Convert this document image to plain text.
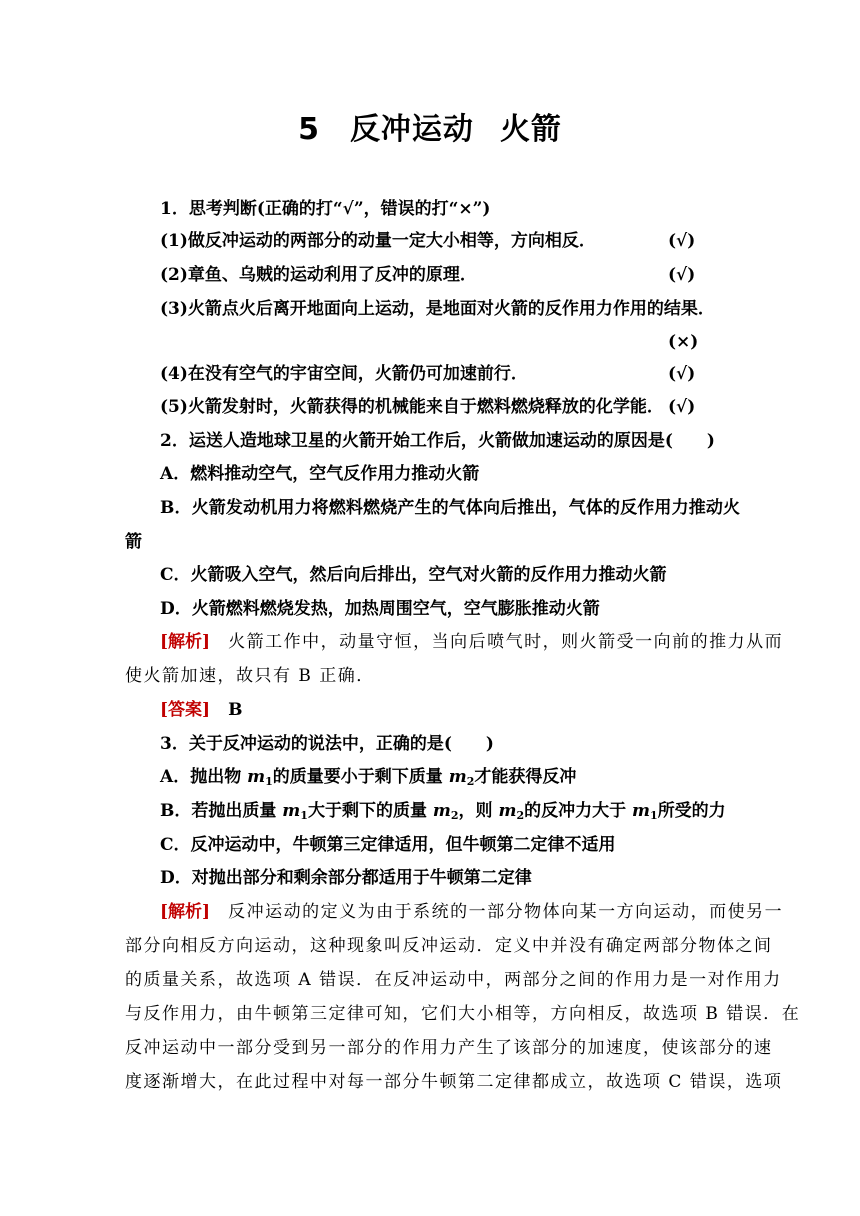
5 反冲运动 火箭
1．思考判断(正确的打“√”，错误的打“×”)
(1)做反冲运动的两部分的动量一定大小相等，方向相反．	(√)
(2)章鱼、乌贼的运动利用了反冲的原理．	(√)
(3)火箭点火后离开地面向上运动，是地面对火箭的反作用力作用的结果．
(×)
(4)在没有空气的宇宙空间，火箭仍可加速前行．	(√)
(5)火箭发射时，火箭获得的机械能来自于燃料燃烧释放的化学能． (√)
2．运送人造地球卫星的火箭开始工作后，火箭做加速运动的原因是(　　)
A．燃料推动空气，空气反作用力推动火箭
B．火箭发动机用力将燃料燃烧产生的气体向后推出，气体的反作用力推动火
箭
C．火箭吸入空气，然后向后排出，空气对火箭的反作用力推动火箭
D．火箭燃料燃烧发热，加热周围空气，空气膨胀推动火箭
[解析] 火箭工作中，动量守恒，当向后喷气时，则火箭受一向前的推力从而
使火箭加速，故只有 B 正确．
[答案] B
3．关于反冲运动的说法中，正确的是(　　)
A．抛出物 $m_1$的质量要小于剩下质量 $m_2$才能获得反冲
B．若抛出质量 $m_1$大于剩下的质量 $m_2$，则 $m_2$的反冲力大于 $m_1$所受的力
C．反冲运动中，牛顿第三定律适用，但牛顿第二定律不适用
D．对抛出部分和剩余部分都适用于牛顿第二定律
[解析] 反冲运动的定义为由于系统的一部分物体向某一方向运动，而使另一
部分向相反方向运动，这种现象叫反冲运动．定义中并没有确定两部分物体之间
的质量关系，故选项 A 错误．在反冲运动中，两部分之间的作用力是一对作用力
与反作用力，由牛顿第三定律可知，它们大小相等，方向相反，故选项 B 错误．在
反冲运动中一部分受到另一部分的作用力产生了该部分的加速度，使该部分的速
度逐渐增大，在此过程中对每一部分牛顿第二定律都成立，故选项 C 错误，选项
